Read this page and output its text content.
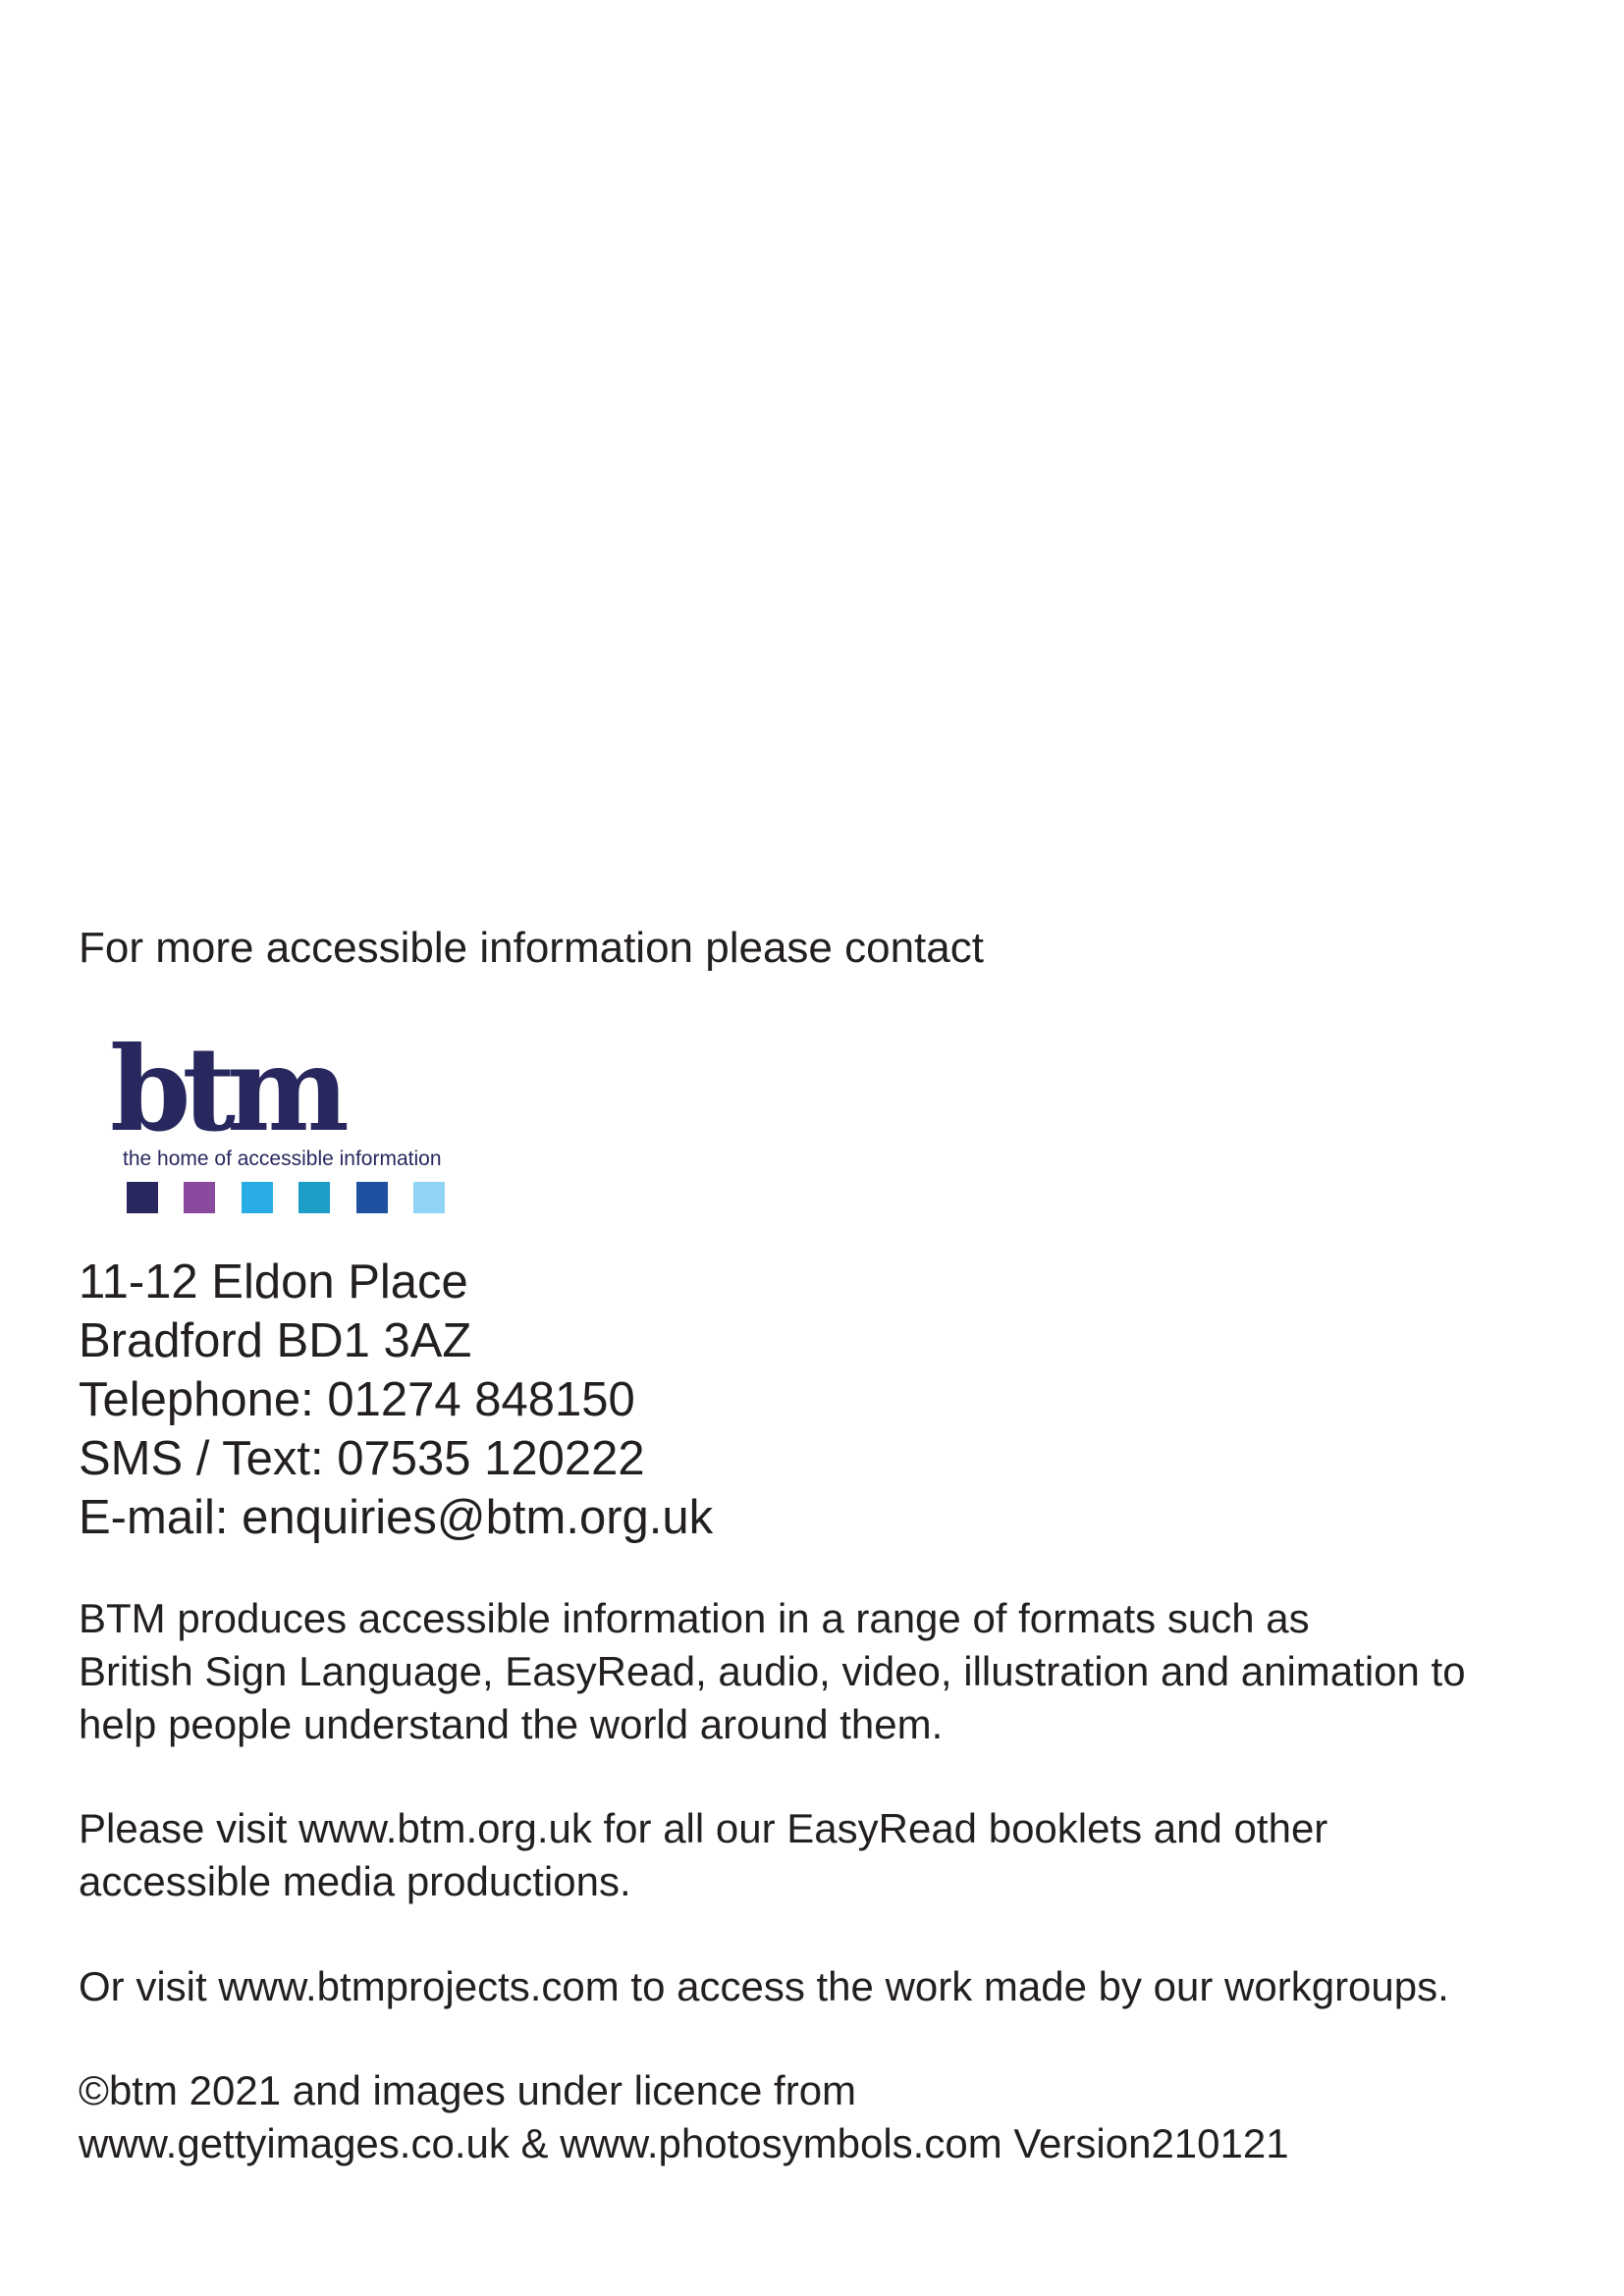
For more accessible information please contact
btm
the home of accessible information
11-12 Eldon Place
Bradford BD1 3AZ
Telephone: 01274 848150
SMS / Text: 07535 120222
E-mail: enquiries@btm.org.uk
BTM produces accessible information in a range of formats such as
British Sign Language, EasyRead, audio, video, illustration and animation to
help people understand the world around them.
Please visit www.btm.org.uk for all our EasyRead booklets and other
accessible media productions.
Or visit www.btmprojects.com to access the work made by our workgroups.
©btm 2021 and images under licence from
www.gettyimages.co.uk & www.photosymbols.com Version210121
